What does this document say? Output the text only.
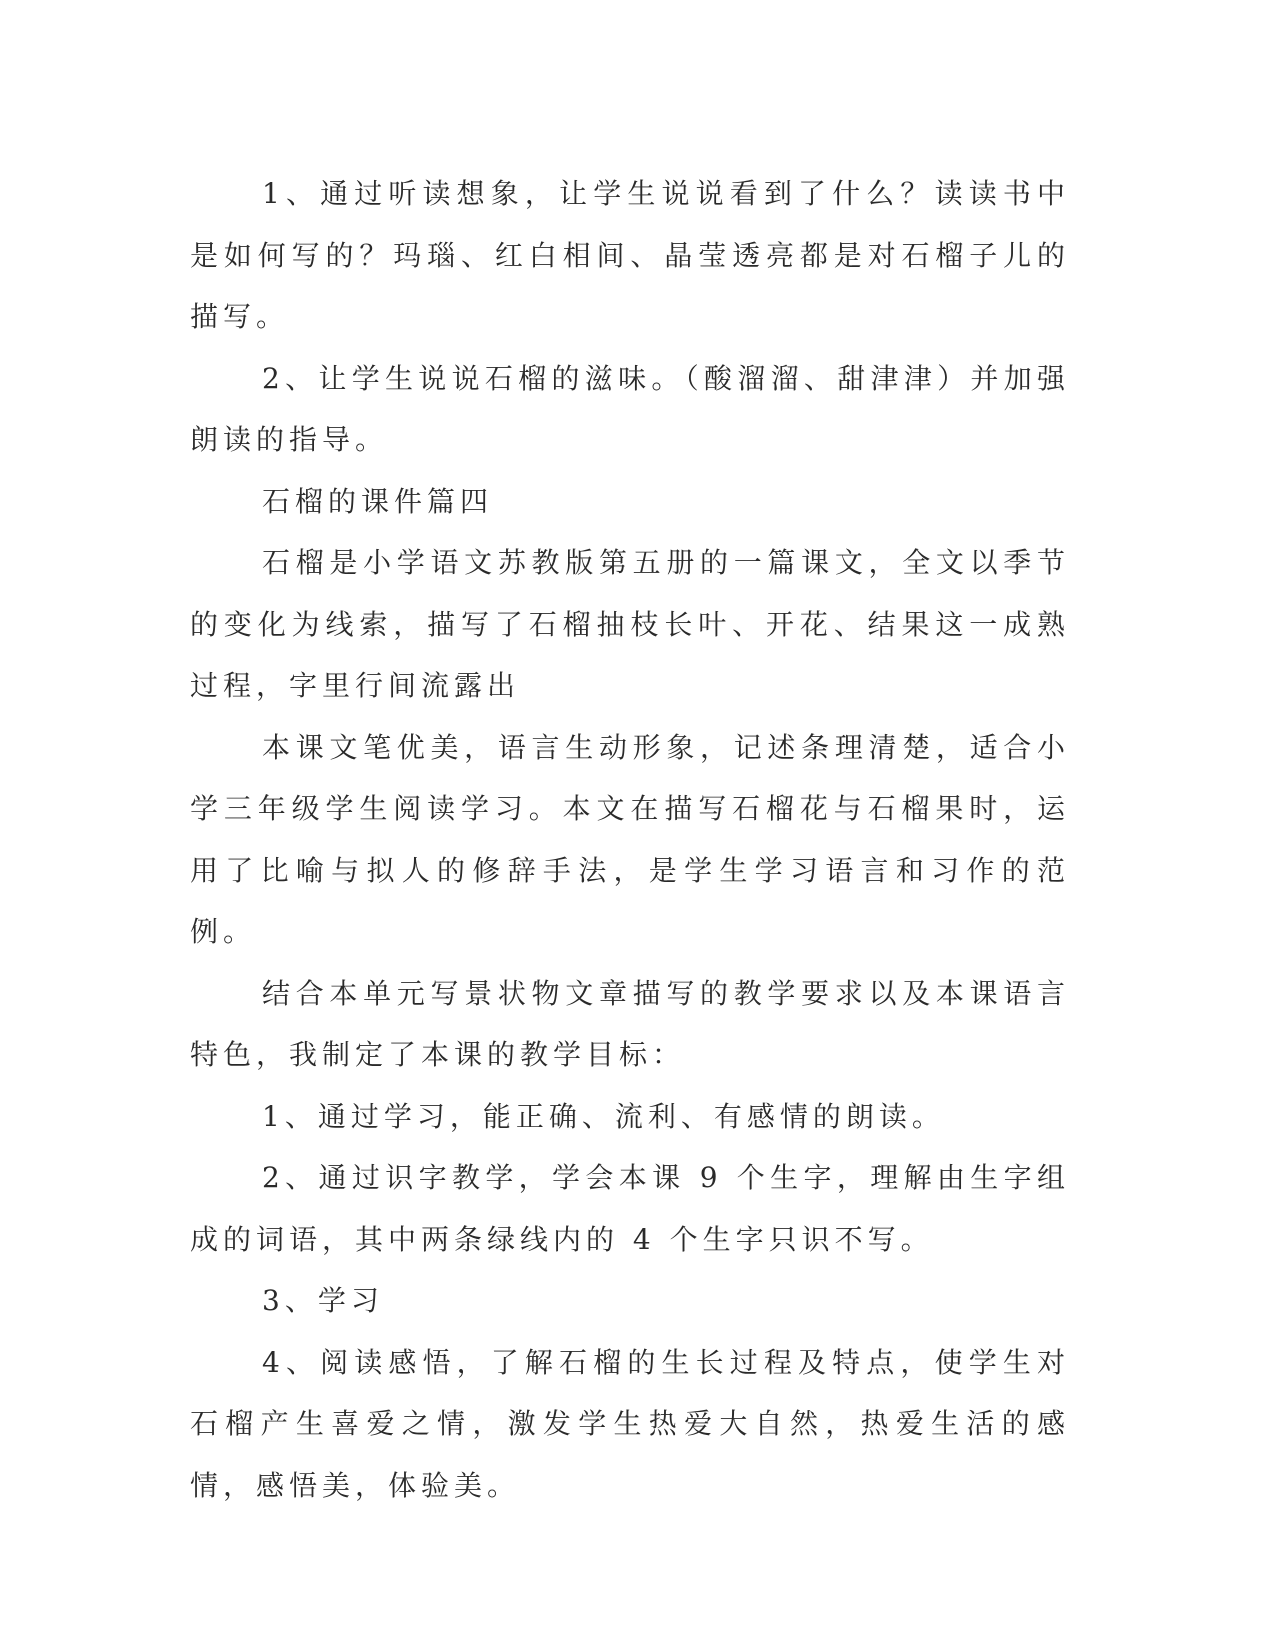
1、通过听读想象，让学生说说看到了什么？读读书中是如何写的？玛瑙、红白相间、晶莹透亮都是对石榴子儿的描写。

2、让学生说说石榴的滋味。（酸溜溜、甜津津）并加强朗读的指导。

石榴的课件篇四

石榴是小学语文苏教版第五册的一篇课文，全文以季节的变化为线索，描写了石榴抽枝长叶、开花、结果这一成熟过程，字里行间流露出

本课文笔优美，语言生动形象，记述条理清楚，适合小学三年级学生阅读学习。本文在描写石榴花与石榴果时，运用了比喻与拟人的修辞手法，是学生学习语言和习作的范例。

结合本单元写景状物文章描写的教学要求以及本课语言特色，我制定了本课的教学目标：

1、通过学习，能正确、流利、有感情的朗读。

2、通过识字教学，学会本课 9 个生字，理解由生字组成的词语，其中两条绿线内的 4 个生字只识不写。

3、学习

4、阅读感悟，了解石榴的生长过程及特点，使学生对石榴产生喜爱之情，激发学生热爱大自然，热爱生活的感情，感悟美，体验美。
